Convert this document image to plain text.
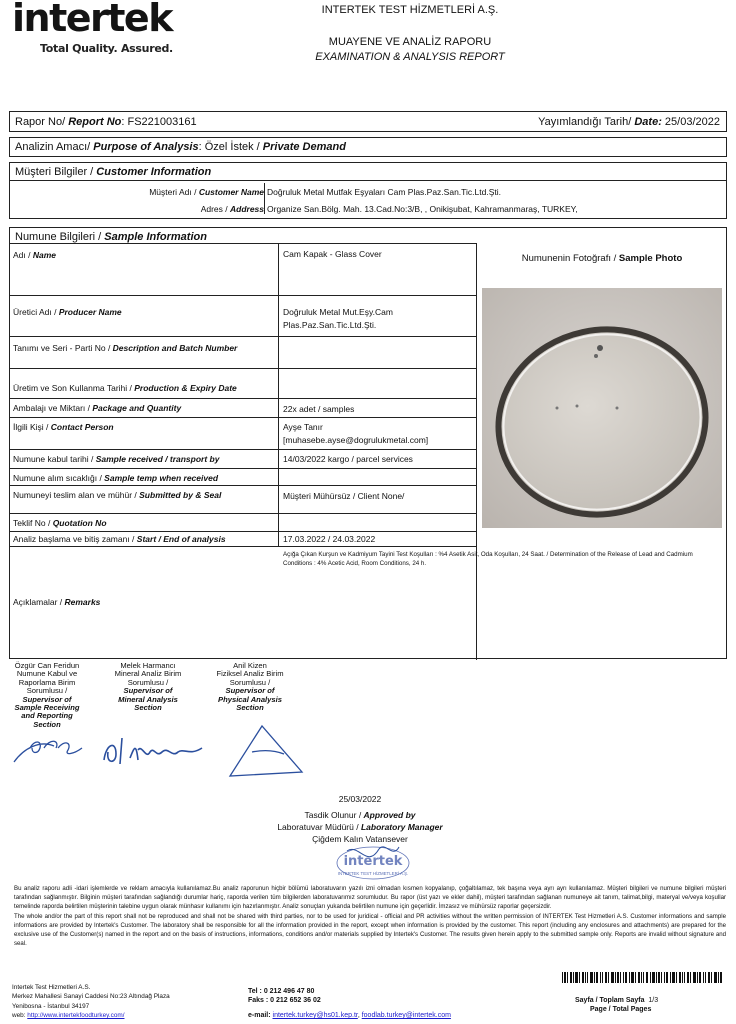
intertek
Total Quality. Assured.
INTERTEK TEST HİZMETLERİ A.Ş.
MUAYENE VE ANALİZ RAPORU
EXAMINATION & ANALYSIS REPORT
Rapor No/ Report No: FS221003161	Yayımlandığı Tarih/ Date: 25/03/2022
Analizin Amacı/ Purpose of Analysis: Özel İstek / Private Demand
Müşteri Bilgiler / Customer Information
Müşteri Adı / Customer Name Doğruluk Metal Mutfak Eşyaları Cam Plas.Paz.San.Tic.Ltd.Şti.
Adres / Address Organize San.Bölg. Mah. 13.Cad.No:3/B, , Onikişubat, Kahramanmaraş, TURKEY,
Numune Bilgileri / Sample Information
Adı / Name	Cam Kapak - Glass Cover
Üretici Adı / Producer Name	Doğruluk Metal Mut.Eşy.Cam
Plas.Paz.San.Tic.Ltd.Şti.
Tanımı ve Seri - Parti No / Description and Batch Number
Üretim ve Son Kullanma Tarihi / Production & Expiry Date
Ambalajı ve Miktarı / Package and Quantity	22x adet / samples
İlgili Kişi / Contact Person	Ayşe Tanır
[muhasebe.ayse@dogrulukmetal.com]
Numune kabul tarihi / Sample received / transport by	14/03/2022 kargo / parcel services
Numune alım sıcaklığı / Sample temp when received
Numuneyi teslim alan ve mühür / Submitted by & Seal	Müşteri Mühürsüz / Client None/
Teklif No / Quotation No
Analiz başlama ve bitiş zamanı / Start / End of analysis	17.03.2022 / 24.03.2022
Açıklamalar / Remarks
Açığa Çıkan Kurşun ve Kadmiyum Tayini Test Koşulları : %4 Asetik Asit, Oda Koşulları, 24 Saat. / Determination of the Release of Lead and Cadmium Conditions : 4% Acetic Acid, Room Conditions, 24 h.
Numunenin Fotoğrafı / Sample Photo
Özgür Can Feridun
Numune Kabul ve
Raporlama Birim
Sorumlusu /
Supervisor of
Sample Receiving
and Reporting
Section
Melek Harmancı
Mineral Analiz Birim
Sorumlusu /
Supervisor of
Mineral Analysis
Section
Anil Kizen
Fiziksel Analiz Birim
Sorumlusu /
Supervisor of
Physical Analysis
Section
25/03/2022
Tasdik Olunur / Approved by
Laboratuvar Müdürü / Laboratory Manager
Çiğdem Kalın Vatansever
intertek
INTERTEK TEST HİZMETLERİ A.Ş.
Bu analiz raporu adli -idari işlemlerde ve reklam amacıyla kullanılamaz.Bu analiz raporunun hiçbir bölümü laboratuvarın yazılı izni olmadan kısmen kopyalanıp, çoğaltılamaz, tek başına veya ayrı ayrı kullanılamaz. Müşteri bilgileri ve numune bilgileri müşteri tarafından sağlanmıştır. Bilginin müşteri tarafından sağlandığı durumlar hariç, raporda verilen tüm bilgilerden laboratuvarımız sorumludur. Bu rapor (üst yazı ve ekler dahil), müşteri tarafından sağlanan numuneye ait tanım, talimat,bilgi, materyal ve/veya koşullar temelinde raporda belirtilen müşterinin talebine uygun olarak münhasır kullanımı için hazırlanmıştır. Analiz sonuçları yukarıda belirtilen numune için geçerlidir. İmzasız ve mühürsüz raporlar geçersizdir.
The whole and/or the part of this report shall not be reproduced and shall not be shared with third parties, nor to be used for juridical - official and PR activities without the written permission of INTERTEK Test Hizmetleri A.S. Customer informations and sample informations are provided by Intertek's Customer. The laboratory shall be responsible for all the information provided in the report, except when information is provided by the customer. This report (including any enclosures and attachments) are prepared for the exclusive use of the Customer(s) named in the report and on the basis of instructions, informations, conditions and/or materials supplied by Intertek's Customer. The results given herein apply to the submitted sample only. Reports are invalid without signature and seal.
Intertek Test Hizmetleri A.S.
Merkez Mahallesi Sanayi Caddesi No:23 Altındağ Plaza
Yenibosna - İstanbul 34197
web: http://www.intertekfoodturkey.com/
Tel : 0 212 496 47 80
Faks : 0 212 652 36 02
e-mail: intertek.turkey@hs01.kep.tr, foodlab.turkey@intertek.com
Sayfa / Toplam Sayfa 1/3
Page / Total Pages
